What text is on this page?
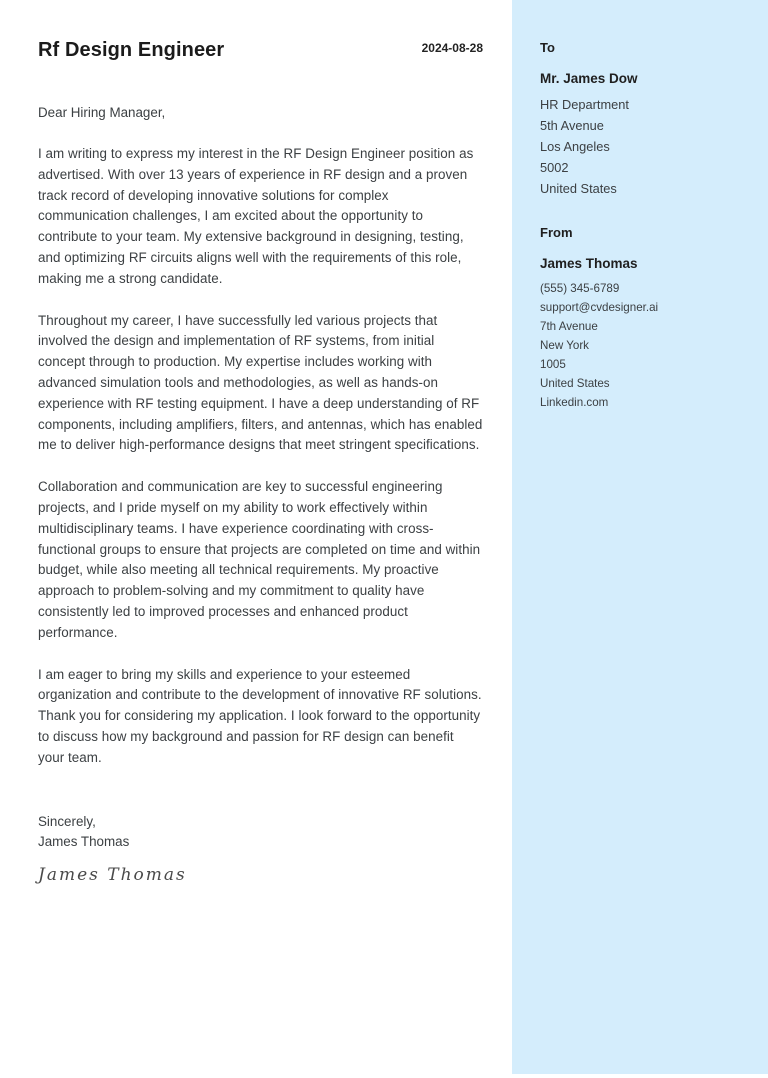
Rf Design Engineer	2024-08-28
Dear Hiring Manager,

I am writing to express my interest in the RF Design Engineer position as advertised. With over 13 years of experience in RF design and a proven track record of developing innovative solutions for complex communication challenges, I am excited about the opportunity to contribute to your team. My extensive background in designing, testing, and optimizing RF circuits aligns well with the requirements of this role, making me a strong candidate.

Throughout my career, I have successfully led various projects that involved the design and implementation of RF systems, from initial concept through to production. My expertise includes working with advanced simulation tools and methodologies, as well as hands-on experience with RF testing equipment. I have a deep understanding of RF components, including amplifiers, filters, and antennas, which has enabled me to deliver high-performance designs that meet stringent specifications.

Collaboration and communication are key to successful engineering projects, and I pride myself on my ability to work effectively within multidisciplinary teams. I have experience coordinating with cross-functional groups to ensure that projects are completed on time and within budget, while also meeting all technical requirements. My proactive approach to problem-solving and my commitment to quality have consistently led to improved processes and enhanced product performance.

I am eager to bring my skills and experience to your esteemed organization and contribute to the development of innovative RF solutions. Thank you for considering my application. I look forward to the opportunity to discuss how my background and passion for RF design can benefit your team.

Sincerely,
James Thomas
James Thomas
To
Mr. James Dow
HR Department
5th Avenue
Los Angeles
5002
United States
From
James Thomas
(555) 345-6789
support@cvdesigner.ai
7th Avenue
New York
1005
United States
Linkedin.com
